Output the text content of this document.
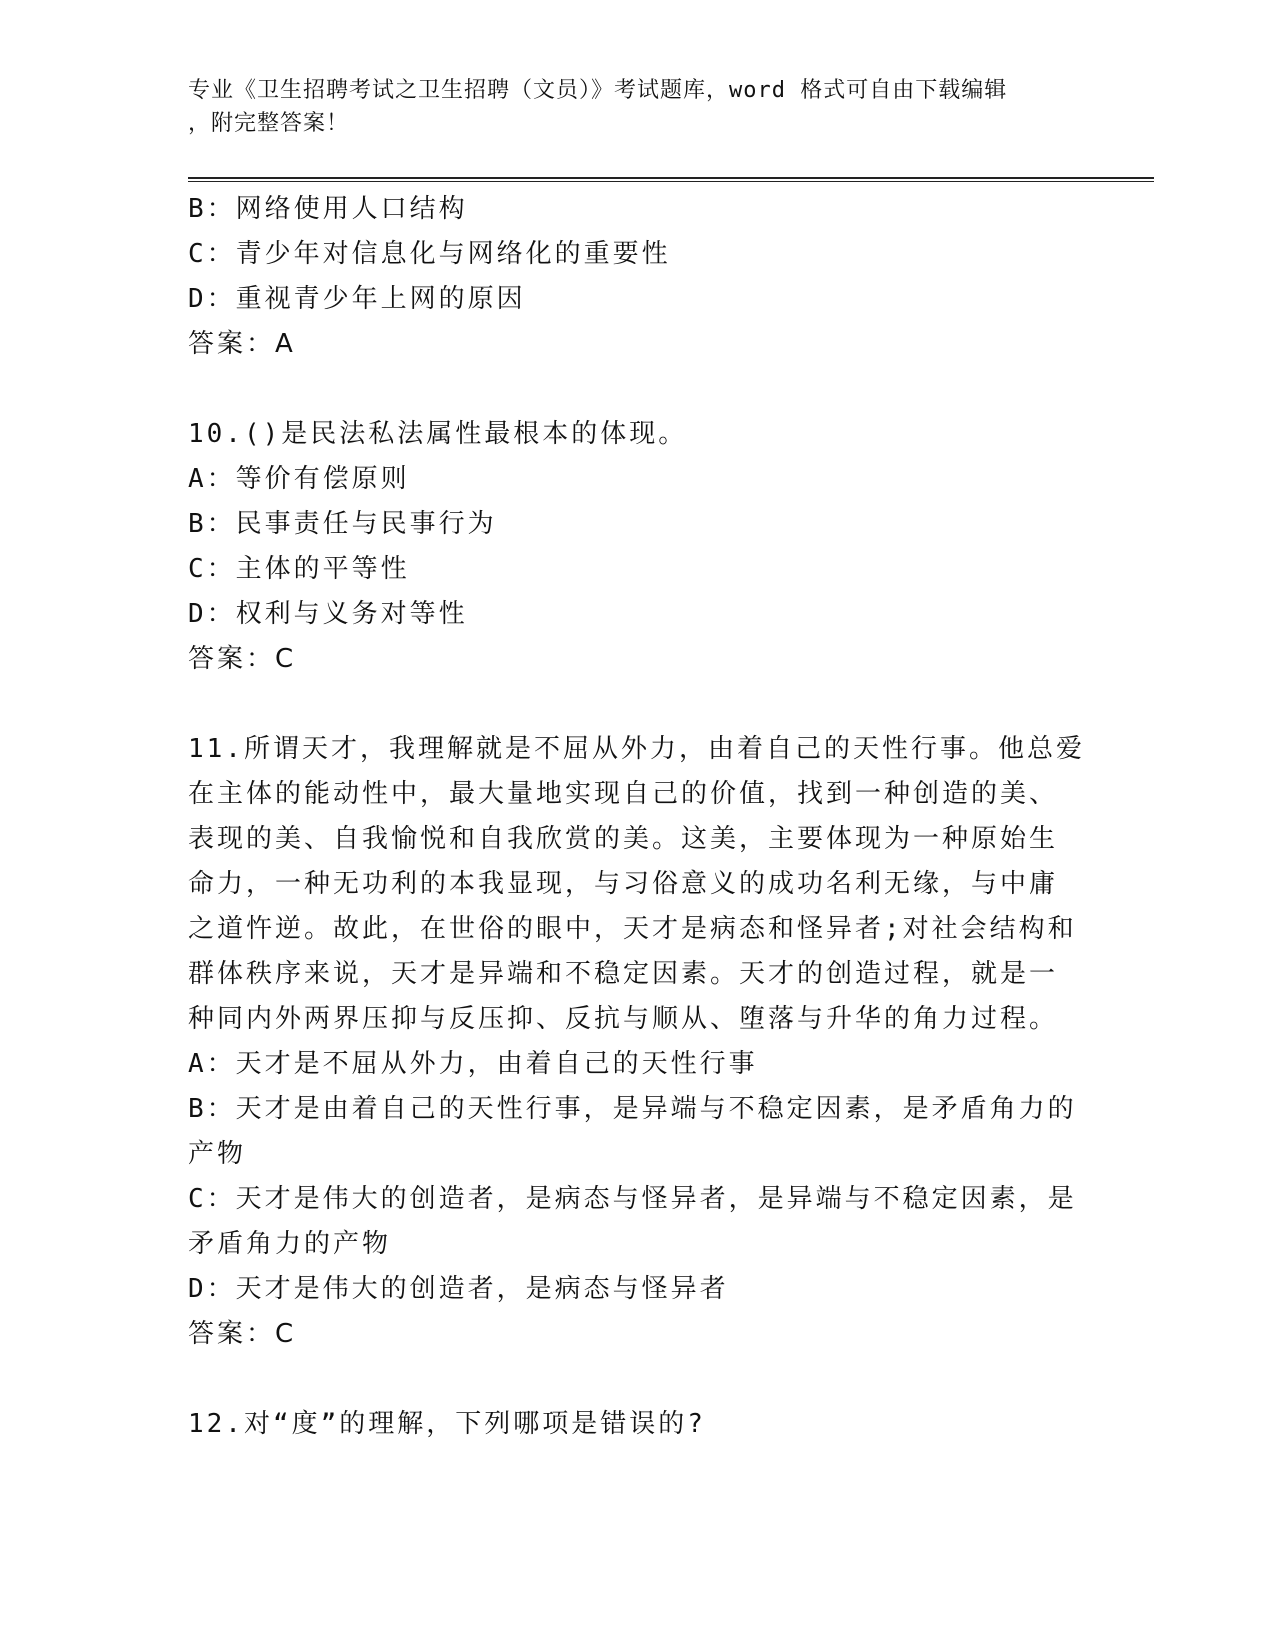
专业《卫生招聘考试之卫生招聘（文员）》考试题库，word 格式可自由下载编辑
，附完整答案！
B：网络使用人口结构
C：青少年对信息化与网络化的重要性
D：重视青少年上网的原因
答案：A
10.()是民法私法属性最根本的体现。
A：等价有偿原则
B：民事责任与民事行为
C：主体的平等性
D：权利与义务对等性
答案：C
11.所谓天才，我理解就是不屈从外力，由着自己的天性行事。他总爱
在主体的能动性中，最大量地实现自己的价值，找到一种创造的美、
表现的美、自我愉悦和自我欣赏的美。这美，主要体现为一种原始生
命力，一种无功利的本我显现，与习俗意义的成功名利无缘，与中庸
之道忤逆。故此，在世俗的眼中，天才是病态和怪异者;对社会结构和
群体秩序来说，天才是异端和不稳定因素。天才的创造过程，就是一
种同内外两界压抑与反压抑、反抗与顺从、堕落与升华的角力过程。
A：天才是不屈从外力，由着自己的天性行事
B：天才是由着自己的天性行事，是异端与不稳定因素，是矛盾角力的
产物
C：天才是伟大的创造者，是病态与怪异者，是异端与不稳定因素，是
矛盾角力的产物
D：天才是伟大的创造者，是病态与怪异者
答案：C
12.对“度”的理解，下列哪项是错误的?
